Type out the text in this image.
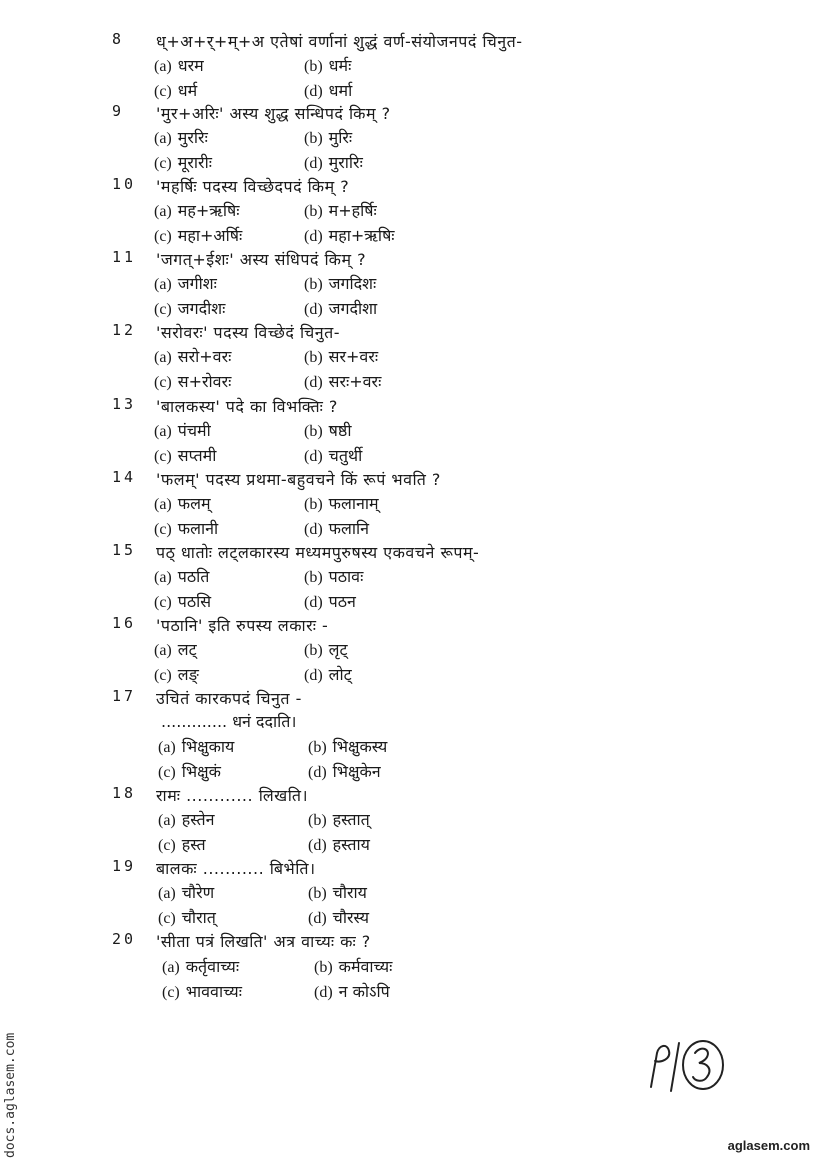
8	ध्+अ+र्+म्+अ एतेषां वर्णानां शुद्धं वर्ण-संयोजनपदं चिनुत-
(a) धरम	(b) धर्मः
(c) धर्म	(d) धर्मा
9	'मुर+अरिः' अस्य शुद्ध सन्धिपदं किम् ?
(a) मुररिः	(b) मुरिः
(c) मूरारीः	(d) मुरारिः
10	'महर्षिः पदस्य विच्छेदपदं किम् ?
(a) मह+ऋषिः	(b) म+हर्षिः
(c) महा+अर्षिः	(d) महा+ऋषिः
11	'जगत्+ईशः' अस्य संधिपदं किम् ?
(a) जगीशः	(b) जगदिशः
(c) जगदीशः	(d) जगदीशा
12	'सरोवरः' पदस्य विच्छेदं चिनुत-
(a) सरो+वरः	(b) सर+वरः
(c) स+रोवरः	(d) सरः+वरः
13	'बालकस्य' पदे का विभक्तिः ?
(a) पंचमी	(b) षष्ठी
(c) सप्तमी	(d) चतुर्थी
14	'फलम्' पदस्य प्रथमा-बहुवचने किं रूपं भवति ?
(a) फलम्	(b) फलानाम्
(c) फलानी	(d) फलानि
15	पठ् धातोः लट्लकारस्य मध्यमपुरुषस्य एकवचने रूपम्-
(a) पठति	(b) पठावः
(c) पठसि	(d) पठन
16	'पठानि' इति रुपस्य लकारः -
(a) लट्	(b) लृट्
(c) लङ्	(d) लोट्
17	उचितं कारकपदं चिनुत -
............. धनं ददाति।
(a) भिक्षुकाय	(b) भिक्षुकस्य
(c) भिक्षुकं	(d) भिक्षुकेन
18	रामः ............ लिखति।
(a) हस्तेन	(b) हस्तात्
(c) हस्त	(d) हस्ताय
19	बालकः ........... बिभेति।
(a) चौरेण	(b) चौराय
(c) चौरात्	(d) चौरस्य
20	'सीता पत्रं लिखति' अत्र वाच्यः कः ?
(a) कर्तृवाच्यः	(b) कर्मवाच्यः
(c) भाववाच्यः	(d) न कोऽपि
docs.aglasem.com	aglasem.com
